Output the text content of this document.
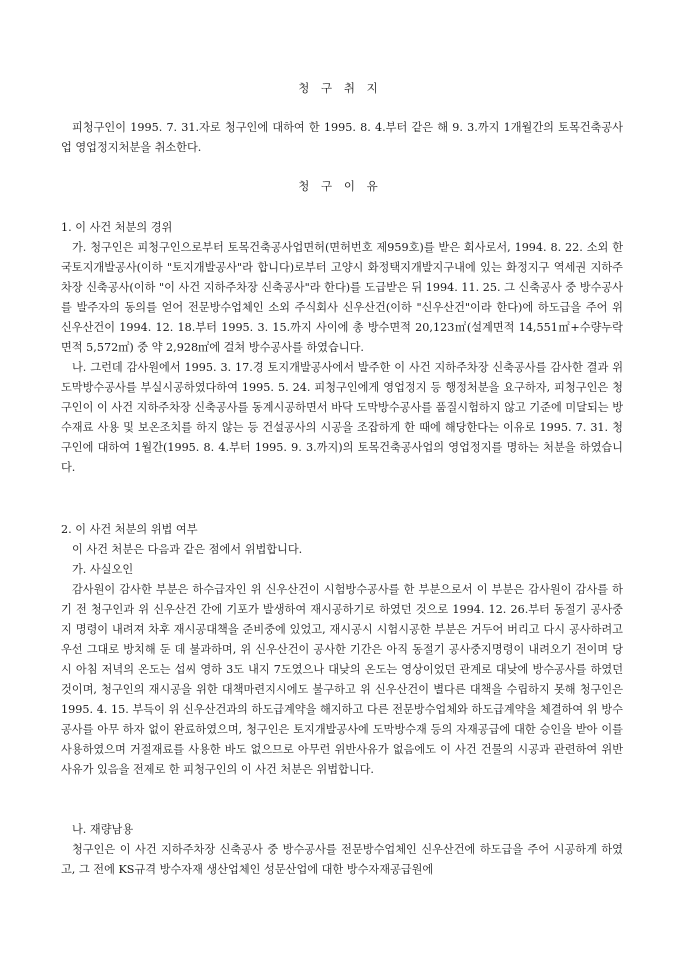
청 구 취 지

피청구인이 1995. 7. 31.자로 청구인에 대하여 한 1995. 8. 4.부터 같은 해 9. 3.까지 1개월간의 토목건축공사업 영업정지처분을 취소한다.

청 구 이 유

1. 이 사건 처분의 경위

가. 청구인은 피청구인으로부터 토목건축공사업면허(면허번호 제959호)를 받은 회사로서, 1994. 8. 22. 소외 한국토지개발공사(이하 "토지개발공사"라 합니다)로부터 고양시 화정택지개발지구내에 있는 화정지구 역세권 지하주차장 신축공사(이하 "이 사건 지하주차장 신축공사"라 한다)를 도급받은 뒤 1994. 11. 25. 그 신축공사 중 방수공사를 발주자의 동의를 얻어 전문방수업체인 소외 주식회사 신우산건(이하 "신우산건"이라 한다)에 하도급을 주어 위 신우산건이 1994. 12. 18.부터 1995. 3. 15.까지 사이에 총 방수면적 20,123㎡(설계면적 14,551㎡+수량누락면적 5,572㎡) 중 약 2,928㎡에 걸쳐 방수공사를 하였습니다.

나. 그런데 감사원에서 1995. 3. 17.경 토지개발공사에서 발주한 이 사건 지하주차장 신축공사를 감사한 결과 위 도막방수공사를 부실시공하였다하여 1995. 5. 24. 피청구인에게 영업정지 등 행정처분을 요구하자, 피청구인은 청구인이 이 사건 지하주차장 신축공사를 동계시공하면서 바닥 도막방수공사를 품질시험하지 않고 기준에 미달되는 방수재료 사용 및 보온조치를 하지 않는 등 건설공사의 시공을 조잡하게 한 때에 해당한다는 이유로 1995. 7. 31. 청구인에 대하여 1월간(1995. 8. 4.부터 1995. 9. 3.까지)의 토목건축공사업의 영업정지를 명하는 처분을 하였습니다.

2. 이 사건 처분의 위법 여부

이 사건 처분은 다음과 같은 점에서 위법합니다.

가. 사실오인

감사원이 감사한 부분은 하수급자인 위 신우산건이 시험방수공사를 한 부분으로서 이 부분은 감사원이 감사를 하기 전 청구인과 위 신우산건 간에 기포가 발생하여 재시공하기로 하였던 것으로 1994. 12. 26.부터 동절기 공사중지 명령이 내려져 차후 재시공대책을 준비중에 있었고, 재시공시 시험시공한 부분은 거두어 버리고 다시 공사하려고 우선 그대로 방치해 둔 데 불과하며, 위 신우산건이 공사한 기간은 아직 동절기 공사중지명령이 내려오기 전이며 당시 아침 저녁의 온도는 섭씨 영하 3도 내지 7도였으나 대낮의 온도는 영상이었던 관계로 대낮에 방수공사를 하였던 것이며, 청구인의 재시공을 위한 대책마련지시에도 불구하고 위 신우산건이 별다른 대책을 수립하지 못해 청구인은 1995. 4. 15. 부득이 위 신우산건과의 하도급계약을 해지하고 다른 전문방수업체와 하도급계약을 체결하여 위 방수공사를 아무 하자 없이 완료하였으며, 청구인은 토지개발공사에 도막방수재 등의 자재공급에 대한 승인을 받아 이를 사용하였으며 거절재료를 사용한 바도 없으므로 아무런 위반사유가 없음에도 이 사건 건물의 시공과 관련하여 위반사유가 있음을 전제로 한 피청구인의 이 사건 처분은 위법합니다.

나. 재량남용

청구인은 이 사건 지하주차장 신축공사 중 방수공사를 전문방수업체인 신우산건에 하도급을 주어 시공하게 하였고, 그 전에 KS규격 방수자재 생산업체인 성문산업에 대한 방수자재공급원에
